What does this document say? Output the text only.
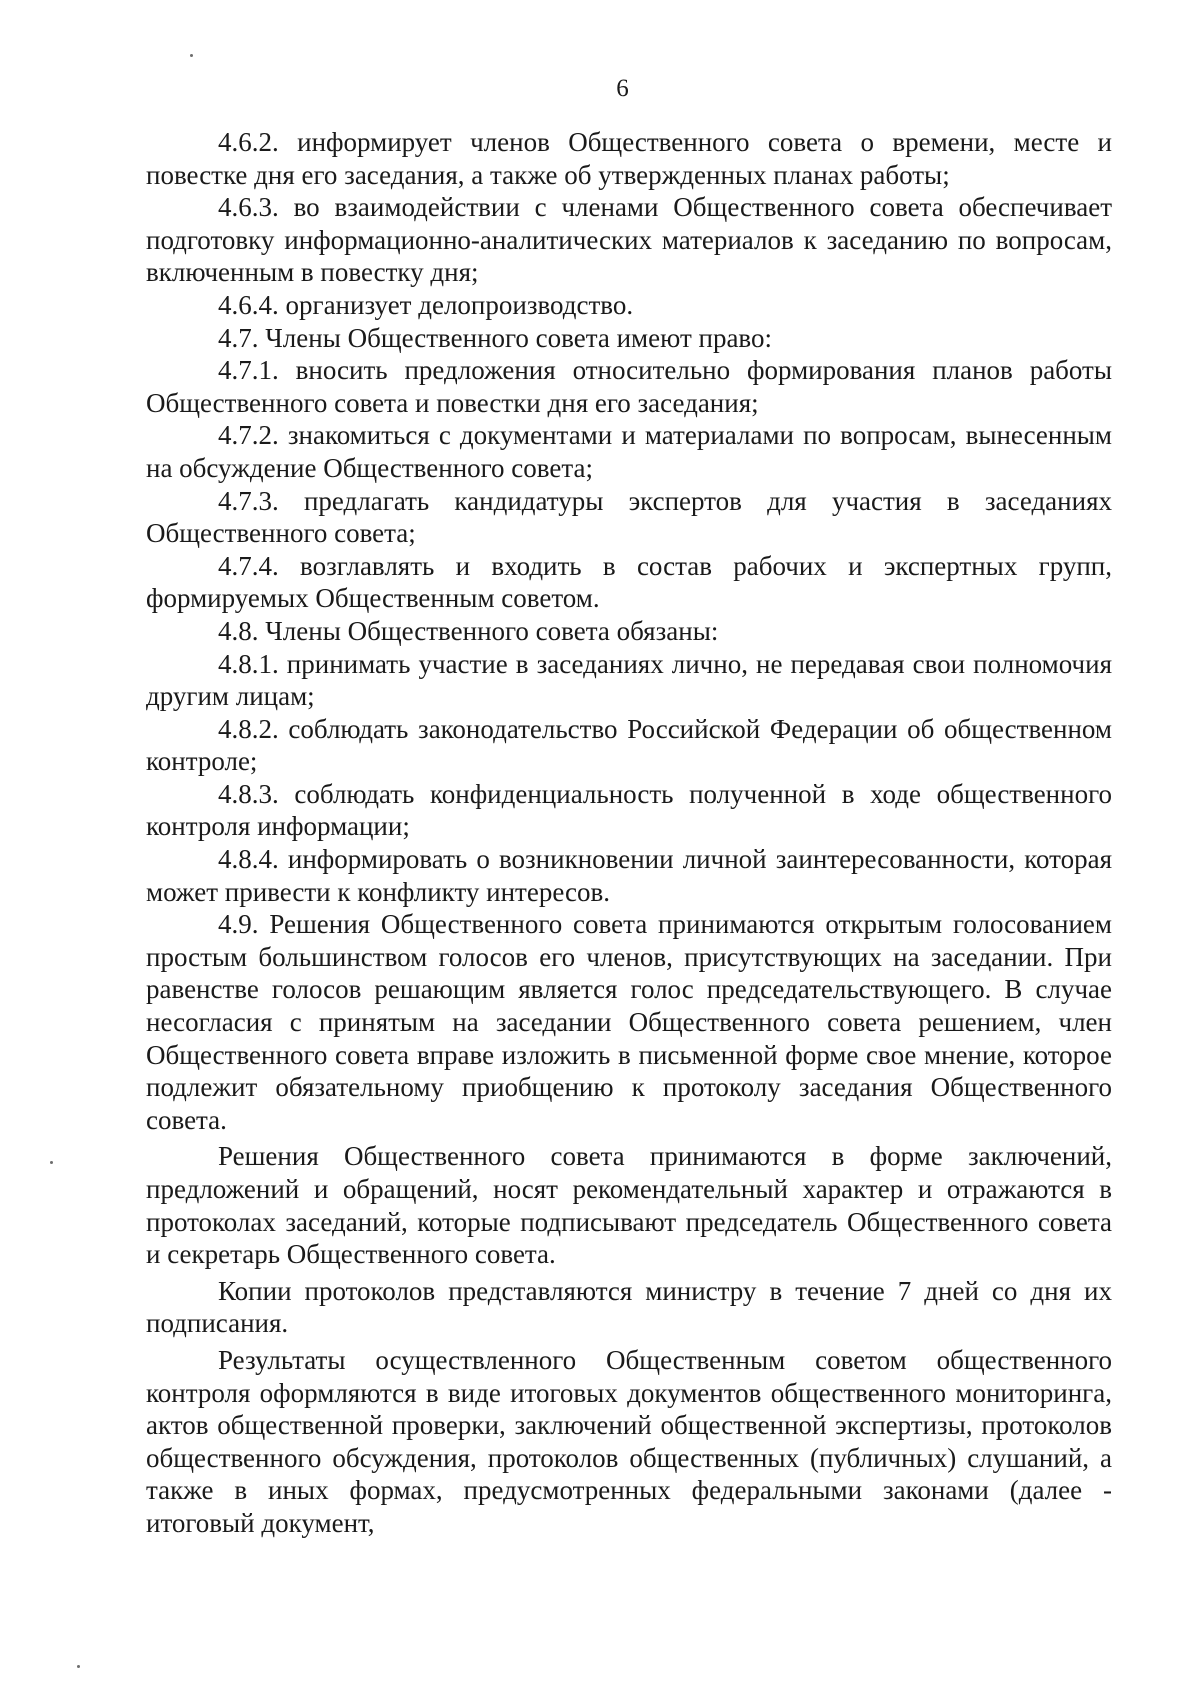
6

4.6.2. информирует членов Общественного совета о времени, месте и повестке дня его заседания, а также об утвержденных планах работы;

4.6.3. во взаимодействии с членами Общественного совета обеспечивает подготовку информационно-аналитических материалов к заседанию по вопросам, включенным в повестку дня;

4.6.4. организует делопроизводство.

4.7. Члены Общественного совета имеют право:

4.7.1. вносить предложения относительно формирования планов работы Общественного совета и повестки дня его заседания;

4.7.2. знакомиться с документами и материалами по вопросам, вынесенным на обсуждение Общественного совета;

4.7.3. предлагать кандидатуры экспертов для участия в заседаниях Общественного совета;

4.7.4. возглавлять и входить в состав рабочих и экспертных групп, формируемых Общественным советом.

4.8. Члены Общественного совета обязаны:

4.8.1. принимать участие в заседаниях лично, не передавая свои полномочия другим лицам;

4.8.2. соблюдать законодательство Российской Федерации об общественном контроле;

4.8.3. соблюдать конфиденциальность полученной в ходе общественного контроля информации;

4.8.4. информировать о возникновении личной заинтересованности, которая может привести к конфликту интересов.

4.9. Решения Общественного совета принимаются открытым голосованием простым большинством голосов его членов, присутствующих на заседании. При равенстве голосов решающим является голос председательствующего. В случае несогласия с принятым на заседании Общественного совета решением, член Общественного совета вправе изложить в письменной форме свое мнение, которое подлежит обязательному приобщению к протоколу заседания Общественного совета.

Решения Общественного совета принимаются в форме заключений, предложений и обращений, носят рекомендательный характер и отражаются в протоколах заседаний, которые подписывают председатель Общественного совета и секретарь Общественного совета.

Копии протоколов представляются министру в течение 7 дней со дня их подписания.

Результаты осуществленного Общественным советом общественного контроля оформляются в виде итоговых документов общественного мониторинга, актов общественной проверки, заключений общественной экспертизы, протоколов общественного обсуждения, протоколов общественных (публичных) слушаний, а также в иных формах, предусмотренных федеральными законами (далее - итоговый документ,
